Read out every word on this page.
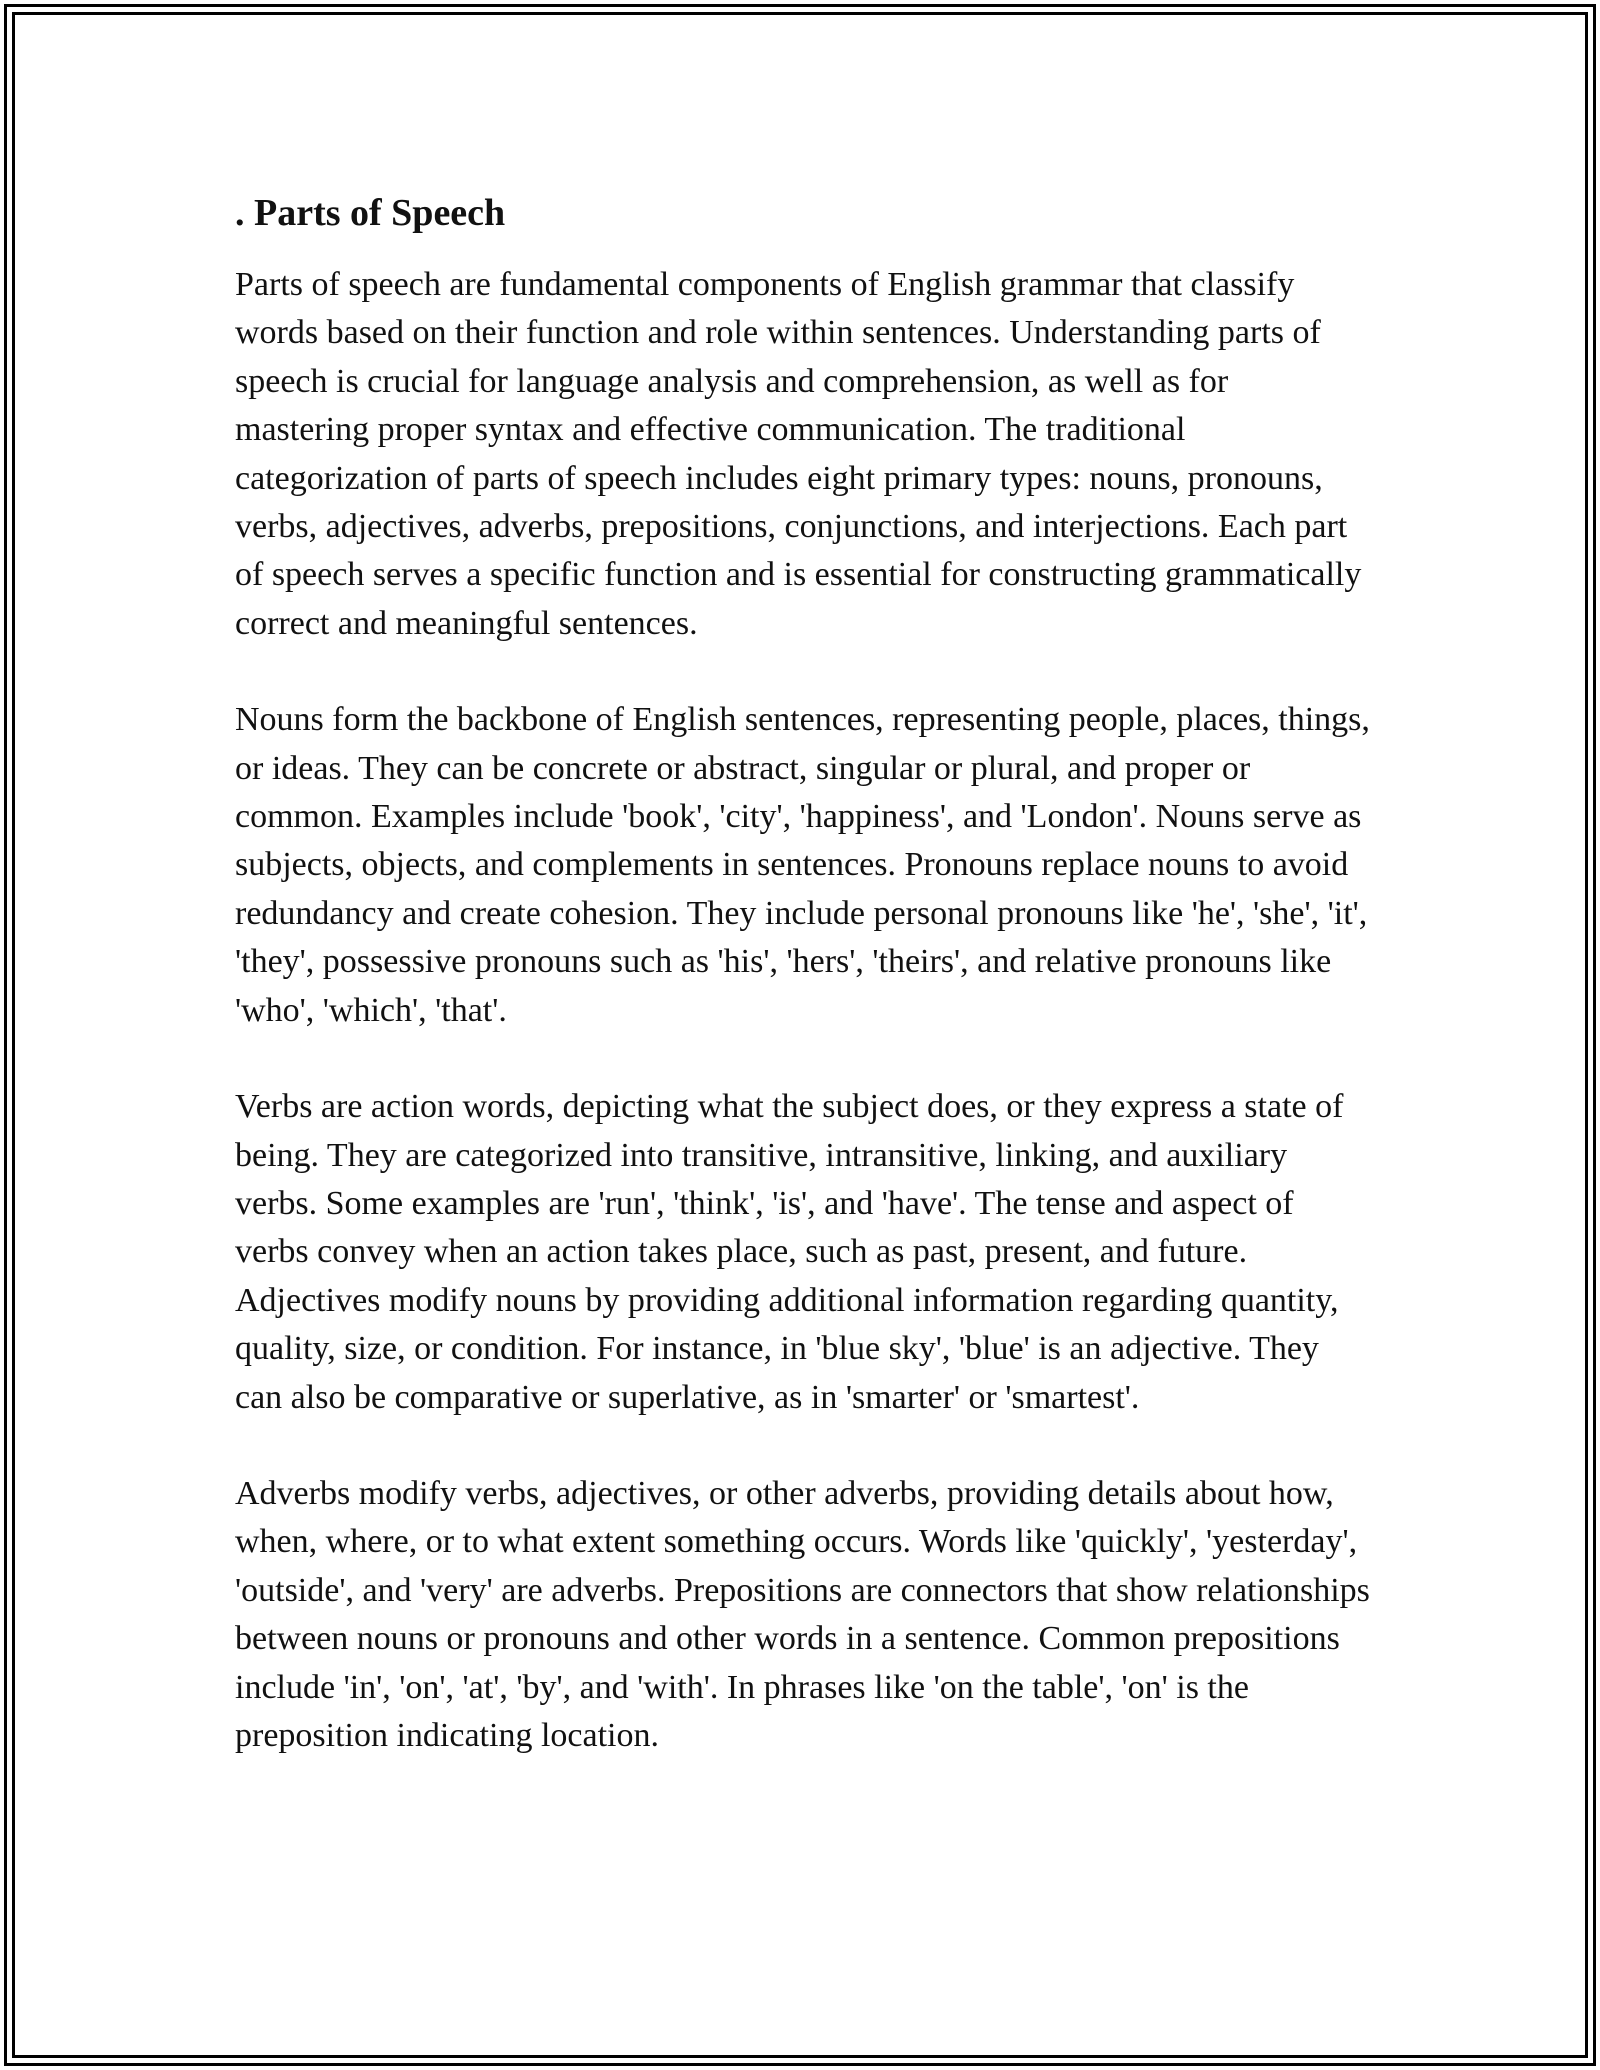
. Parts of Speech

Parts of speech are fundamental components of English grammar that classify words based on their function and role within sentences. Understanding parts of speech is crucial for language analysis and comprehension, as well as for mastering proper syntax and effective communication. The traditional categorization of parts of speech includes eight primary types: nouns, pronouns, verbs, adjectives, adverbs, prepositions, conjunctions, and interjections. Each part of speech serves a specific function and is essential for constructing grammatically correct and meaningful sentences.

Nouns form the backbone of English sentences, representing people, places, things, or ideas. They can be concrete or abstract, singular or plural, and proper or common. Examples include 'book', 'city', 'happiness', and 'London'. Nouns serve as subjects, objects, and complements in sentences. Pronouns replace nouns to avoid redundancy and create cohesion. They include personal pronouns like 'he', 'she', 'it', 'they', possessive pronouns such as 'his', 'hers', 'theirs', and relative pronouns like 'who', 'which', 'that'.

Verbs are action words, depicting what the subject does, or they express a state of being. They are categorized into transitive, intransitive, linking, and auxiliary verbs. Some examples are 'run', 'think', 'is', and 'have'. The tense and aspect of verbs convey when an action takes place, such as past, present, and future. Adjectives modify nouns by providing additional information regarding quantity, quality, size, or condition. For instance, in 'blue sky', 'blue' is an adjective. They can also be comparative or superlative, as in 'smarter' or 'smartest'.

Adverbs modify verbs, adjectives, or other adverbs, providing details about how, when, where, or to what extent something occurs. Words like 'quickly', 'yesterday', 'outside', and 'very' are adverbs. Prepositions are connectors that show relationships between nouns or pronouns and other words in a sentence. Common prepositions include 'in', 'on', 'at', 'by', and 'with'. In phrases like 'on the table', 'on' is the preposition indicating location.
